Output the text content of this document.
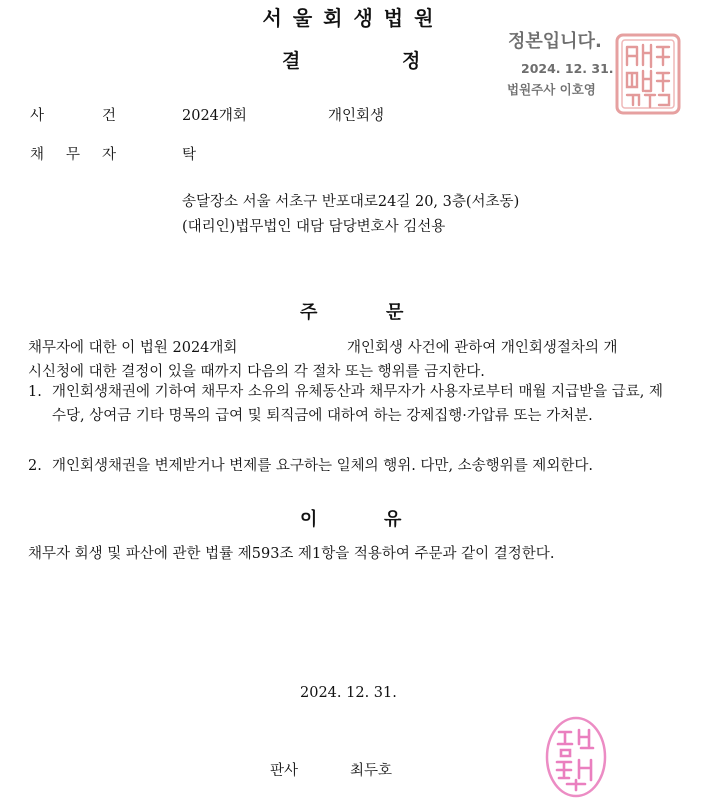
서울회생법원
결	정
정본입니다.
2024. 12. 31.
법원주사 이호영
사	건	2024개회	개인회생
채 무 자	탁
송달장소 서울 서초구 반포대로24길 20, 3층(서초동)
(대리인)법무법인 대담 담당변호사 김선용
주	문
채무자에 대한 이 법원 2024개회	개인회생 사건에 관하여 개인회생절차의 개
시신청에 대한 결정이 있을 때까지 다음의 각 절차 또는 행위를 금지한다.
1. 개인회생채권에 기하여 채무자 소유의 유체동산과 채무자가 사용자로부터 매월 지급받을 급료, 제수당, 상여금 기타 명목의 급여 및 퇴직금에 대하여 하는 강제집행·가압류 또는 가처분.
2. 개인회생채권을 변제받거나 변제를 요구하는 일체의 행위. 다만, 소송행위를 제외한다.
이	유
채무자 회생 및 파산에 관한 법률 제593조 제1항을 적용하여 주문과 같이 결정한다.
2024. 12. 31.
판사	최두호
